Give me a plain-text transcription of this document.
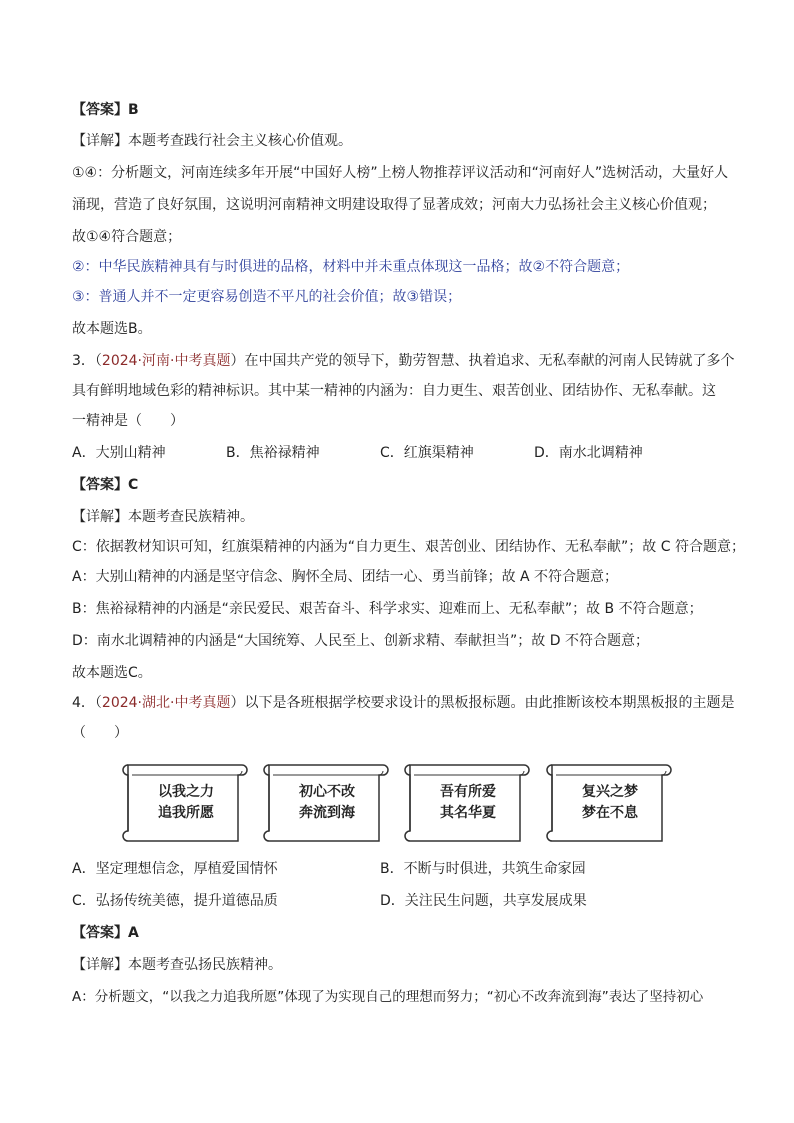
【答案】B
【详解】本题考查践行社会主义核心价值观。
①④：分析题文，河南连续多年开展“中国好人榜”上榜人物推荐评议活动和“河南好人”选树活动，大量好人
涌现，营造了良好氛围，这说明河南精神文明建设取得了显著成效；河南大力弘扬社会主义核心价值观；
故①④符合题意；
②：中华民族精神具有与时俱进的品格，材料中并未重点体现这一品格；故②不符合题意；
③：普通人并不一定更容易创造不平凡的社会价值；故③错误；
故本题选B。
3．（2024·河南·中考真题）在中国共产党的领导下，勤劳智慧、执着追求、无私奉献的河南人民铸就了多个
具有鲜明地域色彩的精神标识。其中某一精神的内涵为：自力更生、艰苦创业、团结协作、无私奉献。这
一精神是（　　）
A．大别山精神	B．焦裕禄精神	C．红旗渠精神	D．南水北调精神
【答案】C
【详解】本题考查民族精神。
C：依据教材知识可知，红旗渠精神的内涵为“自力更生、艰苦创业、团结协作、无私奉献”；故 C 符合题意；
A：大别山精神的内涵是坚守信念、胸怀全局、团结一心、勇当前锋；故 A 不符合题意；
B：焦裕禄精神的内涵是“亲民爱民、艰苦奋斗、科学求实、迎难而上、无私奉献”；故 B 不符合题意；
D：南水北调精神的内涵是“大国统筹、人民至上、创新求精、奉献担当”；故 D 不符合题意；
故本题选C。
4．（2024·湖北·中考真题）以下是各班根据学校要求设计的黑板报标题。由此推断该校本期黑板报的主题是
（　　）
以我之力
追我所愿
初心不改
奔流到海
吾有所爱
其名华夏
复兴之梦
梦在不息
A．坚定理想信念，厚植爱国情怀	B．不断与时俱进，共筑生命家园
C．弘扬传统美德，提升道德品质	D．关注民生问题，共享发展成果
【答案】A
【详解】本题考查弘扬民族精神。
A：分析题文，“以我之力追我所愿”体现了为实现自己的理想而努力；“初心不改奔流到海”表达了坚持初心
